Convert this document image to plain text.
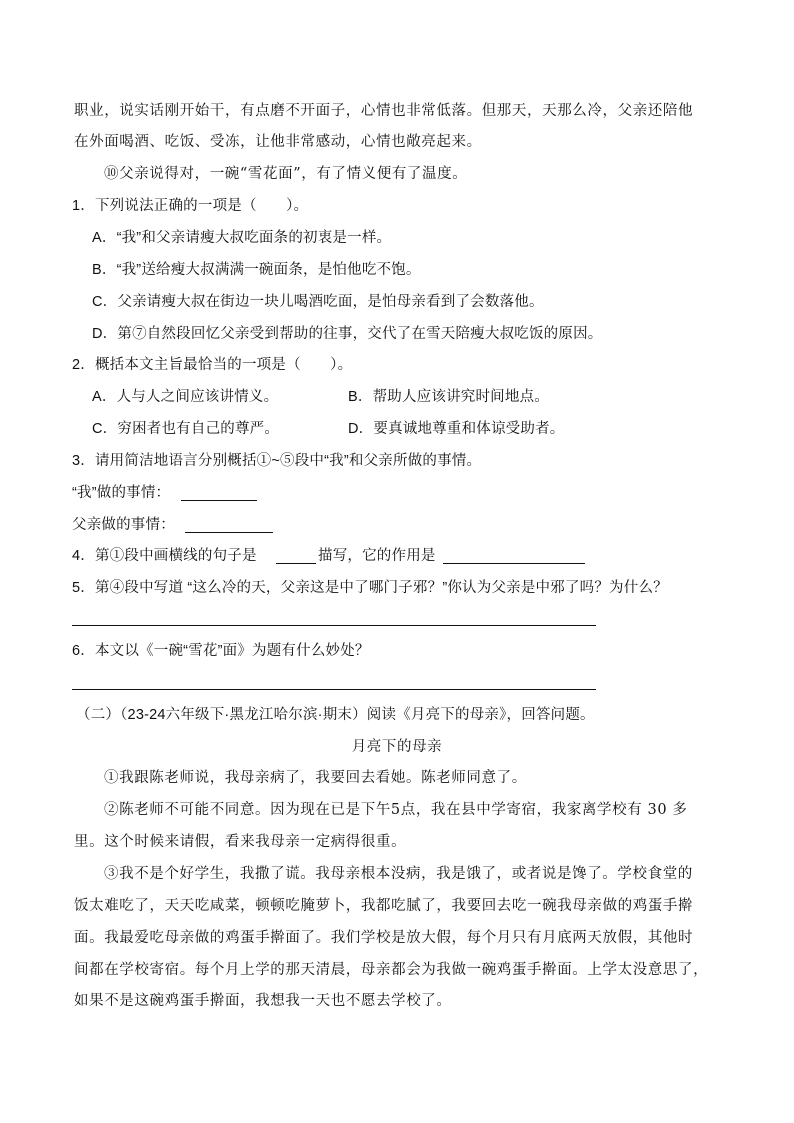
职业，说实话刚开始干，有点磨不开面子，心情也非常低落。但那天，天那么冷，父亲还陪他
在外面喝酒、吃饭、受冻，让他非常感动，心情也敞亮起来。
⑩父亲说得对，一碗“雪花面”，有了情义便有了温度。
1．下列说法正确的一项是（　　）。
A．“我”和父亲请瘦大叔吃面条的初衷是一样。
B．“我”送给瘦大叔满满一碗面条，是怕他吃不饱。
C．父亲请瘦大叔在街边一块儿喝酒吃面，是怕母亲看到了会数落他。
D．第⑦自然段回忆父亲受到帮助的往事，交代了在雪天陪瘦大叔吃饭的原因。
2．概括本文主旨最恰当的一项是（　　）。
A．人与人之间应该讲情义。	B．帮助人应该讲究时间地点。
C．穷困者也有自己的尊严。	D．要真诚地尊重和体谅受助者。
3．请用简洁地语言分别概括①~⑤段中“我”和父亲所做的事情。
“我”做的事情：
父亲做的事情：
4．第①段中画横线的句子是	描写，它的作用是
5．第④段中写道 “这么冷的天，父亲这是中了哪门子邪？”你认为父亲是中邪了吗？为什么？
6．本文以《一碗“雪花”面》为题有什么妙处？
（二）（23-24六年级下·黑龙江哈尔滨·期末）阅读《月亮下的母亲》，回答问题。
月亮下的母亲
①我跟陈老师说，我母亲病了，我要回去看她。陈老师同意了。
②陈老师不可能不同意。因为现在已是下午5点，我在县中学寄宿，我家离学校有 30 多
里。这个时候来请假，看来我母亲一定病得很重。
③我不是个好学生，我撒了谎。我母亲根本没病，我是饿了，或者说是馋了。学校食堂的
饭太难吃了，天天吃咸菜，顿顿吃腌萝卜，我都吃腻了，我要回去吃一碗我母亲做的鸡蛋手擀
面。我最爱吃母亲做的鸡蛋手擀面了。我们学校是放大假，每个月只有月底两天放假，其他时
间都在学校寄宿。每个月上学的那天清晨，母亲都会为我做一碗鸡蛋手擀面。上学太没意思了，
如果不是这碗鸡蛋手擀面，我想我一天也不愿去学校了。
